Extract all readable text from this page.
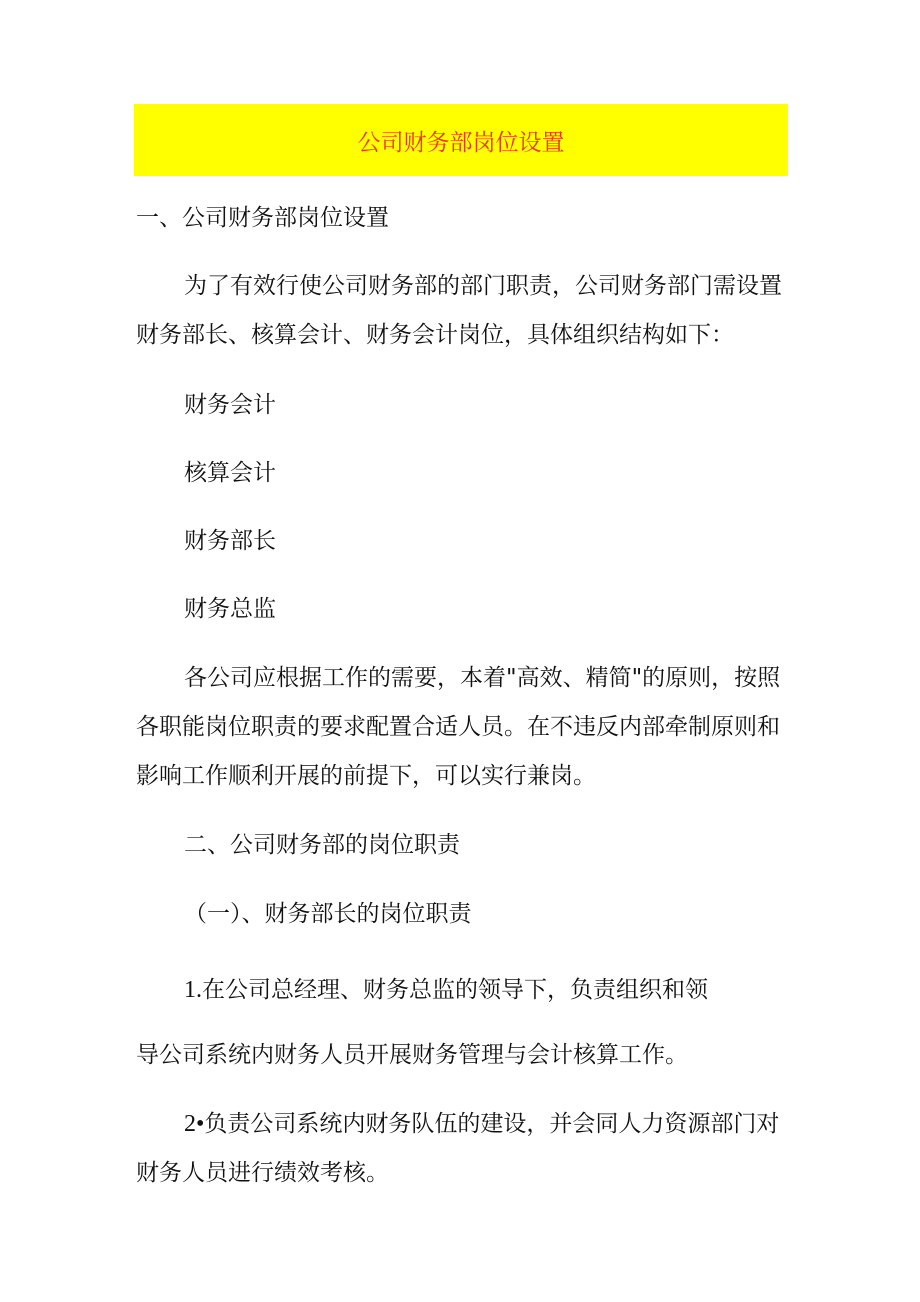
公司财务部岗位设置

一、公司财务部岗位设置

为了有效行使公司财务部的部门职责，公司财务部门需设置

财务部长、核算会计、财务会计岗位，具体组织结构如下：

财务会计

核算会计

财务部长

财务总监

各公司应根据工作的需要，本着"高效、精简"的原则，按照

各职能岗位职责的要求配置合适人员。在不违反内部牵制原则和

影响工作顺利开展的前提下，可以实行兼岗。

二、公司财务部的岗位职责

（一）、财务部长的岗位职责

1.在公司总经理、财务总监的领导下，负责组织和领

导公司系统内财务人员开展财务管理与会计核算工作。

2•负责公司系统内财务队伍的建设，并会同人力资源部门对

财务人员进行绩效考核。
